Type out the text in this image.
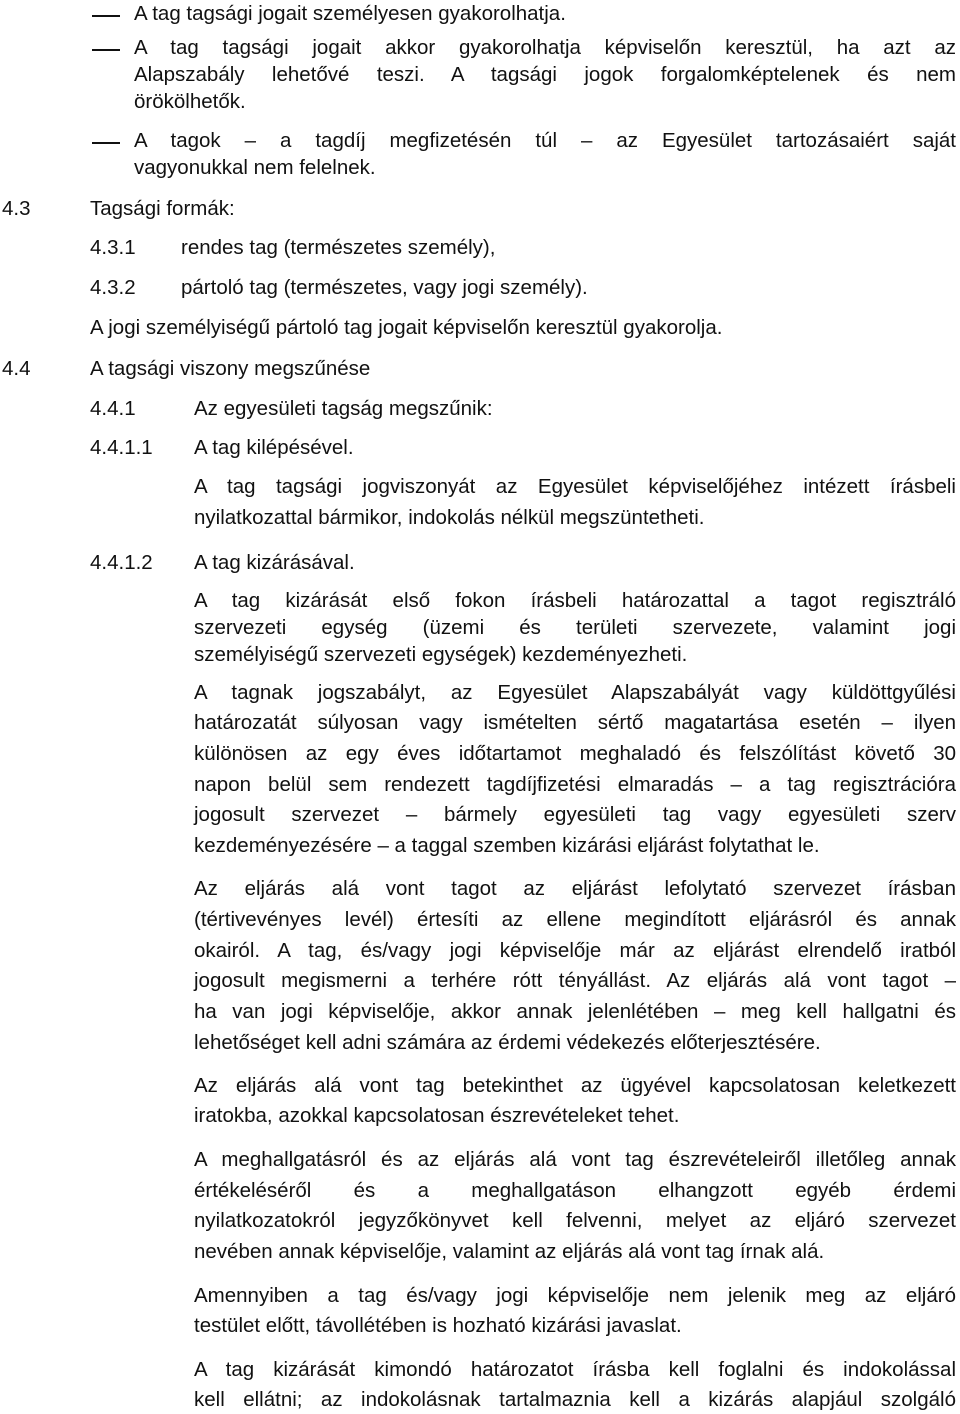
A tag tagsági jogait személyesen gyakorolhatja.
A tag tagsági jogait akkor gyakorolhatja képviselőn keresztül, ha azt az
Alapszabály lehetővé teszi. A tagsági jogok forgalomképtelenek és nem
örökölhetők.
A tagok – a tagdíj megfizetésén túl – az Egyesület tartozásaiért saját
vagyonukkal nem felelnek.
4.3	Tagsági formák:
4.3.1 rendes tag (természetes személy),
4.3.2 pártoló tag (természetes, vagy jogi személy).
A jogi személyiségű pártoló tag jogait képviselőn keresztül gyakorolja.
4.4	A tagsági viszony megszűnése
4.4.1	Az egyesületi tagság megszűnik:
4.4.1.1 A tag kilépésével.
A tag tagsági jogviszonyát az Egyesület képviselőjéhez intézett írásbeli
nyilatkozattal bármikor, indokolás nélkül megszüntetheti.
4.4.1.2 A tag kizárásával.
A tag kizárását első fokon írásbeli határozattal a tagot regisztráló
szervezeti egység (üzemi és területi szervezete, valamint jogi
személyiségű szervezeti egységek) kezdeményezheti.
A tagnak jogszabályt, az Egyesület Alapszabályát vagy küldöttgyűlési
határozatát súlyosan vagy ismételten sértő magatartása esetén – ilyen
különösen az egy éves időtartamot meghaladó és felszólítást követő 30
napon belül sem rendezett tagdíjfizetési elmaradás – a tag regisztrációra
jogosult szervezet – bármely egyesületi tag vagy egyesületi szerv
kezdeményezésére – a taggal szemben kizárási eljárást folytathat le.
Az eljárás alá vont tagot az eljárást lefolytató szervezet írásban
(tértivevényes levél) értesíti az ellene megindított eljárásról és annak
okairól. A tag, és/vagy jogi képviselője már az eljárást elrendelő iratból
jogosult megismerni a terhére rótt tényállást. Az eljárás alá vont tagot –
ha van jogi képviselője, akkor annak jelenlétében – meg kell hallgatni és
lehetőséget kell adni számára az érdemi védekezés előterjesztésére.
Az eljárás alá vont tag betekinthet az ügyével kapcsolatosan keletkezett
iratokba, azokkal kapcsolatosan észrevételeket tehet.
A meghallgatásról és az eljárás alá vont tag észrevételeiről illetőleg annak
értékeléséről és a meghallgatáson elhangzott egyéb érdemi
nyilatkozatokról jegyzőkönyvet kell felvenni, melyet az eljáró szervezet
nevében annak képviselője, valamint az eljárás alá vont tag írnak alá.
Amennyiben a tag és/vagy jogi képviselője nem jelenik meg az eljáró
testület előtt, távollétében is hozható kizárási javaslat.
A tag kizárását kimondó határozatot írásba kell foglalni és indokolással
kell ellátni; az indokolásnak tartalmaznia kell a kizárás alapjául szolgáló
